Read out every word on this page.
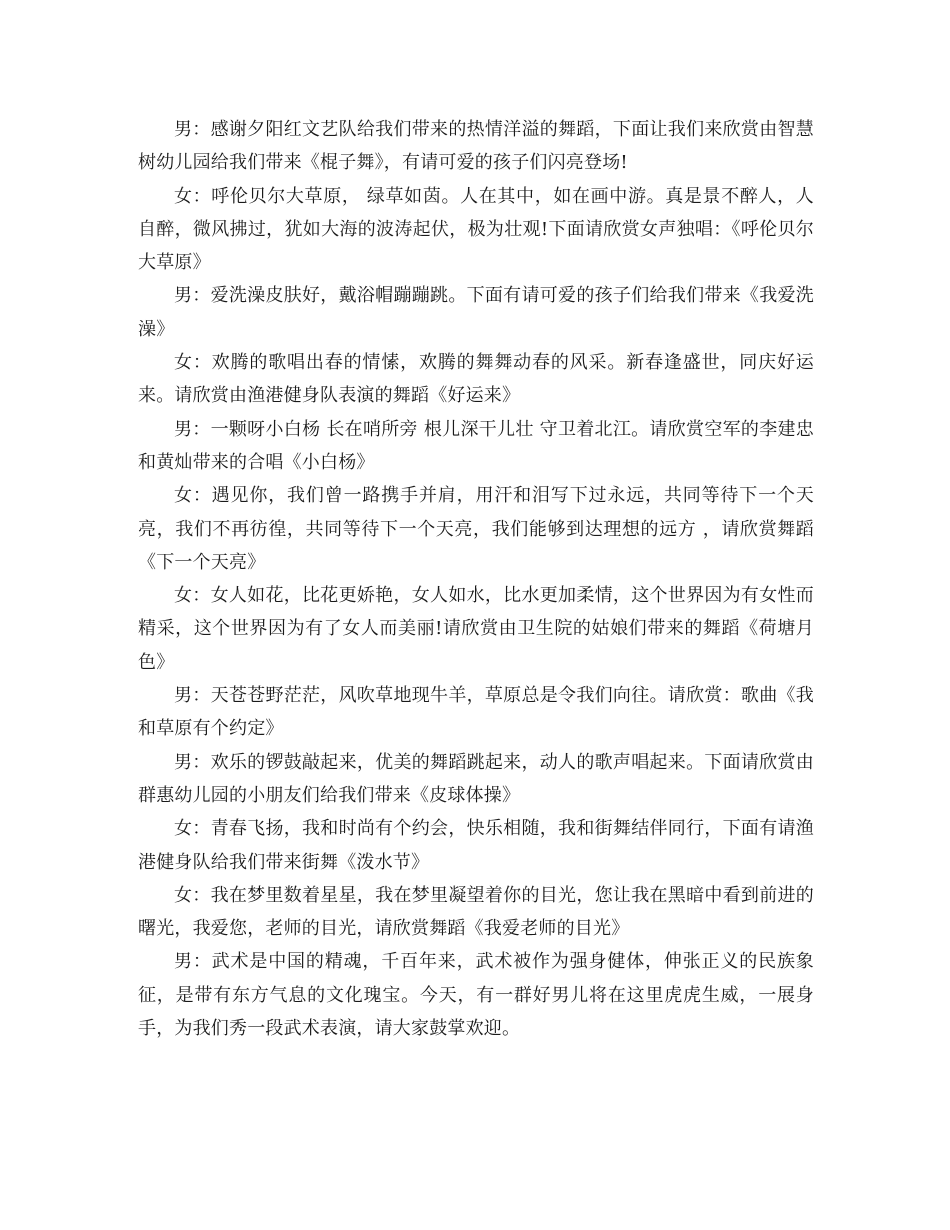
男：感谢夕阳红文艺队给我们带来的热情洋溢的舞蹈，下面让我们来欣赏由智慧树幼儿园给我们带来《棍子舞》，有请可爱的孩子们闪亮登场!

女：呼伦贝尔大草原， 绿草如茵。人在其中，如在画中游。真是景不醉人，人自醉，微风拂过，犹如大海的波涛起伏，极为壮观!下面请欣赏女声独唱：《呼伦贝尔大草原》

男：爱洗澡皮肤好，戴浴帽蹦蹦跳。下面有请可爱的孩子们给我们带来《我爱洗澡》

女：欢腾的歌唱出春的情愫，欢腾的舞舞动春的风采。新春逢盛世，同庆好运来。请欣赏由渔港健身队表演的舞蹈《好运来》

男：一颗呀小白杨 长在哨所旁 根儿深干儿壮 守卫着北江。请欣赏空军的李建忠和黄灿带来的合唱《小白杨》

女：遇见你，我们曾一路携手并肩，用汗和泪写下过永远，共同等待下一个天亮，我们不再彷徨，共同等待下一个天亮，我们能够到达理想的远方 ，请欣赏舞蹈《下一个天亮》

女：女人如花，比花更娇艳，女人如水，比水更加柔情，这个世界因为有女性而精采，这个世界因为有了女人而美丽!请欣赏由卫生院的姑娘们带来的舞蹈《荷塘月色》

男：天苍苍野茫茫，风吹草地现牛羊，草原总是令我们向往。请欣赏：歌曲《我和草原有个约定》

男：欢乐的锣鼓敲起来，优美的舞蹈跳起来，动人的歌声唱起来。下面请欣赏由群惠幼儿园的小朋友们给我们带来《皮球体操》

女：青春飞扬，我和时尚有个约会，快乐相随，我和街舞结伴同行，下面有请渔港健身队给我们带来街舞《泼水节》

女：我在梦里数着星星，我在梦里凝望着你的目光，您让我在黑暗中看到前进的曙光，我爱您，老师的目光，请欣赏舞蹈《我爱老师的目光》

男：武术是中国的精魂，千百年来，武术被作为强身健体，伸张正义的民族象征，是带有东方气息的文化瑰宝。今天，有一群好男儿将在这里虎虎生威，一展身手，为我们秀一段武术表演，请大家鼓掌欢迎。
